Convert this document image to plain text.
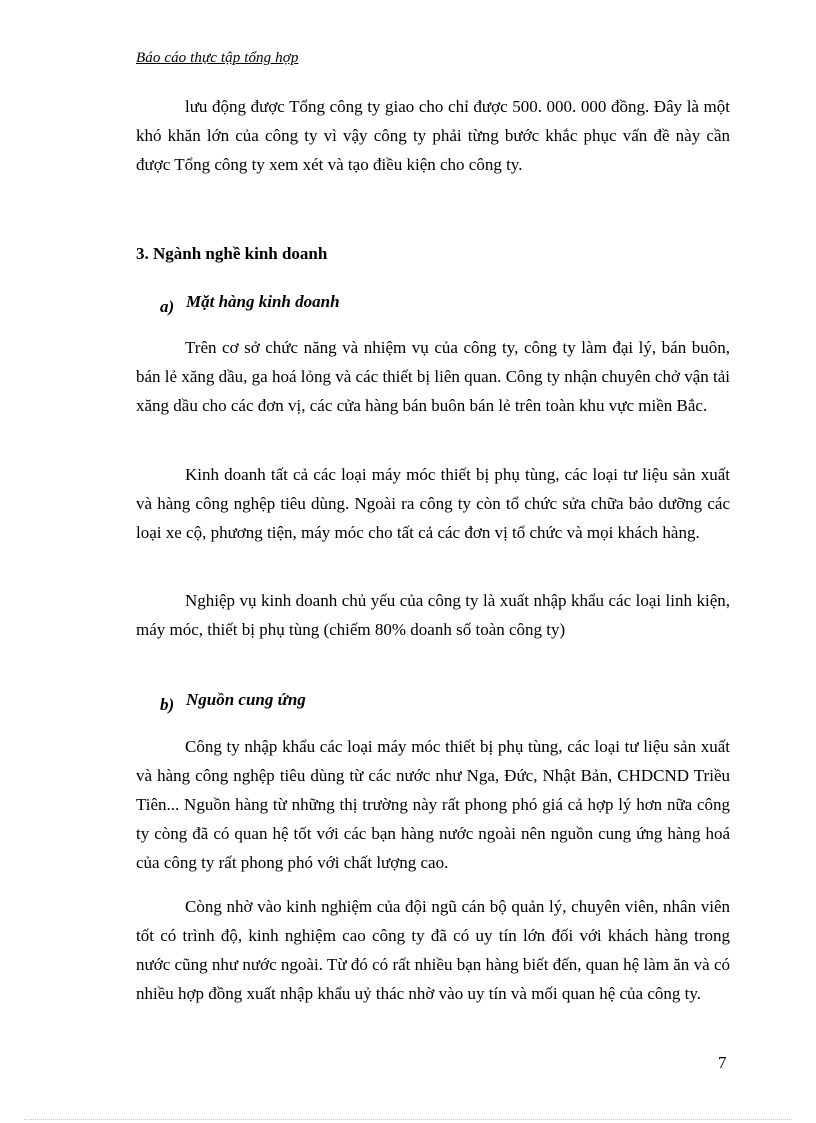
Báo cáo thực tập tổng hợp

lưu động được Tổng công ty giao cho chỉ được 500. 000. 000 đồng. Đây là một khó khăn lớn của công ty vì vậy công ty phải từng bước khắc phục vấn đề này cần được Tổng công ty xem xét và tạo điều kiện cho công ty.

3. Ngành nghề kinh doanh

a) Mặt hàng kinh doanh

Trên cơ sở chức năng và nhiệm vụ của công ty, công ty làm đại lý, bán buôn, bán lẻ xăng dầu, ga hoá lỏng và các thiết bị liên quan. Công ty nhận chuyên chở vận tải xăng dầu cho các đơn vị, các cửa hàng bán buôn bán lẻ trên toàn khu vực miền Bắc.

Kinh doanh tất cả các loại máy móc thiết bị phụ tùng, các loại tư liệu sản xuất và hàng công nghệp tiêu dùng. Ngoài ra công ty còn tổ chức sửa chữa bảo dưỡng các loại xe cộ, phương tiện, máy móc cho tất cả các đơn vị tổ chức và mọi khách hàng.

Nghiệp vụ kinh doanh chủ yếu của công ty là xuất nhập khẩu các loại linh kiện, máy móc, thiết bị phụ tùng (chiếm 80% doanh số toàn công ty)

b) Nguồn cung ứng

Công ty nhập khẩu các loại máy móc thiết bị phụ tùng, các loại tư liệu sản xuất và hàng công nghệp tiêu dùng từ các nước như Nga, Đức, Nhật Bản, CHDCND Triều Tiên... Nguồn hàng từ những thị trường này rất phong phó giá cả hợp lý hơn nữa công ty còng đã có quan hệ tốt với các bạn hàng nước ngoài nên nguồn cung ứng hàng hoá của công ty rất phong phó với chất lượng cao.

Còng nhờ vào kinh nghiệm của đội ngũ cán bộ quản lý, chuyên viên, nhân viên tốt có trình độ, kinh nghiệm cao công ty đã có uy tín lớn đối với khách hàng trong nước cũng như nước ngoài. Từ đó có rất nhiều bạn hàng biết đến, quan hệ làm ăn và có nhiều hợp đồng xuất nhập khẩu uỷ thác nhờ vào uy tín và mối quan hệ của công ty.

7
